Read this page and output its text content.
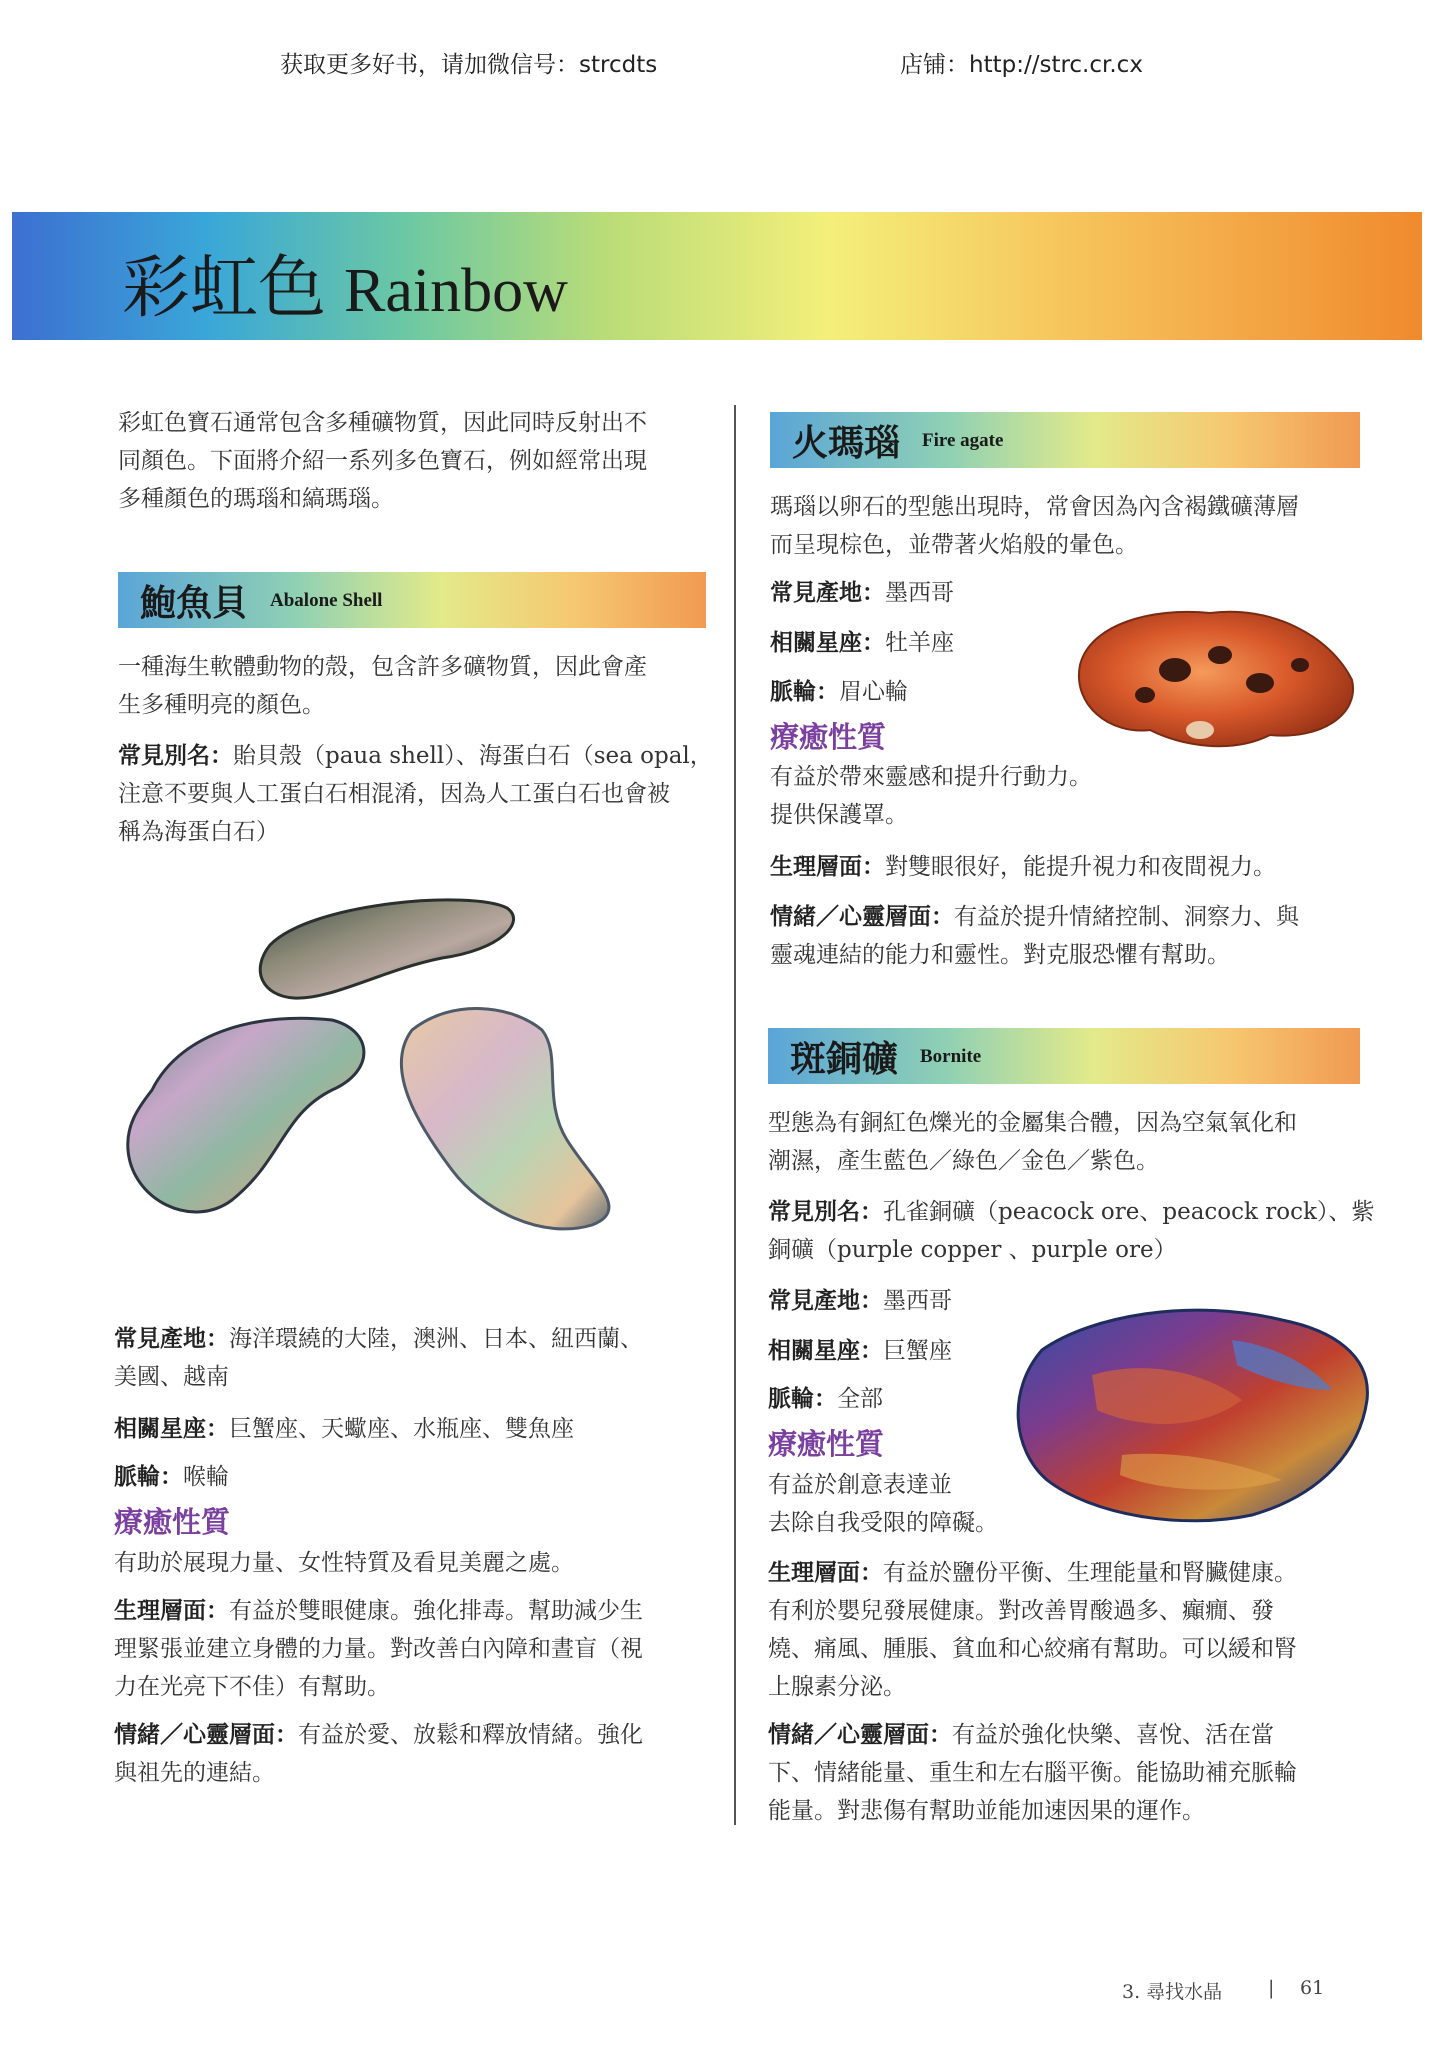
获取更多好书，请加微信号：strcdts	店铺：http://strc.cr.cx
彩虹色 Rainbow
彩虹色寶石通常包含多種礦物質，因此同時反射出不
同顏色。下面將介紹一系列多色寶石，例如經常出現
多種顏色的瑪瑙和縞瑪瑙。
鮑魚貝 Abalone Shell
一種海生軟體動物的殼，包含許多礦物質，因此會產
生多種明亮的顏色。
常見別名：貽貝殼（paua shell）、海蛋白石（sea opal，
注意不要與人工蛋白石相混淆，因為人工蛋白石也會被
稱為海蛋白石）
常見產地：海洋環繞的大陸，澳洲、日本、紐西蘭、
美國、越南
相關星座：巨蟹座、天蠍座、水瓶座、雙魚座
脈輪：喉輪
療癒性質
有助於展現力量、女性特質及看見美麗之處。
生理層面：有益於雙眼健康。強化排毒。幫助減少生
理緊張並建立身體的力量。對改善白內障和晝盲（視
力在光亮下不佳）有幫助。
情緒／心靈層面：有益於愛、放鬆和釋放情緒。強化
與祖先的連結。
火瑪瑙 Fire agate
瑪瑙以卵石的型態出現時，常會因為內含褐鐵礦薄層
而呈現棕色，並帶著火焰般的暈色。
常見產地：墨西哥
相關星座：牡羊座
脈輪：眉心輪
療癒性質
有益於帶來靈感和提升行動力。
提供保護罩。
生理層面：對雙眼很好，能提升視力和夜間視力。
情緒／心靈層面：有益於提升情緒控制、洞察力、與
靈魂連結的能力和靈性。對克服恐懼有幫助。
斑銅礦 Bornite
型態為有銅紅色爍光的金屬集合體，因為空氣氧化和
潮濕，產生藍色／綠色／金色／紫色。
常見別名：孔雀銅礦（peacock ore、peacock rock）、紫
銅礦（purple copper 、purple ore）
常見產地：墨西哥
相關星座：巨蟹座
脈輪：全部
療癒性質
有益於創意表達並
去除自我受限的障礙。
生理層面：有益於鹽份平衡、生理能量和腎臟健康。
有利於嬰兒發展健康。對改善胃酸過多、癲癇、發
燒、痛風、腫脹、貧血和心絞痛有幫助。可以緩和腎
上腺素分泌。
情緒／心靈層面：有益於強化快樂、喜悅、活在當
下、情緒能量、重生和左右腦平衡。能協助補充脈輪
能量。對悲傷有幫助並能加速因果的運作。
3. 尋找水晶 | 61
